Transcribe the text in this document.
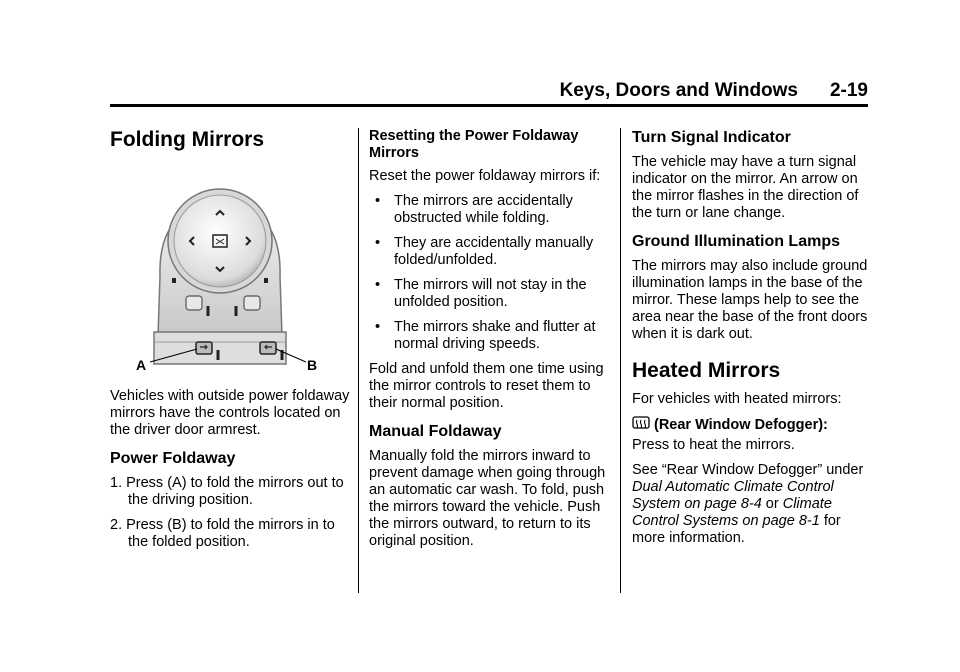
Keys, Doors and Windows 2-19
Folding Mirrors
A	B

Vehicles with outside power foldaway mirrors have the controls located on the driver door armrest.

Power Foldaway
1. Press (A) to fold the mirrors out to the driving position.
2. Press (B) to fold the mirrors in to the folded position.
Resetting the Power Foldaway Mirrors

Reset the power foldaway mirrors if:

• The mirrors are accidentally obstructed while folding.
• They are accidentally manually folded/unfolded.
• The mirrors will not stay in the unfolded position.
• The mirrors shake and flutter at normal driving speeds.

Fold and unfold them one time using the mirror controls to reset them to their normal position.

Manual Foldaway

Manually fold the mirrors inward to prevent damage when going through an automatic car wash. To fold, push the mirrors toward the vehicle. Push the mirrors outward, to return to its original position.

Turn Signal Indicator

The vehicle may have a turn signal indicator on the mirror. An arrow on the mirror flashes in the direction of the turn or lane change.

Ground Illumination Lamps

The mirrors may also include ground illumination lamps in the base of the mirror. These lamps help to see the area near the base of the front doors when it is dark out.

Heated Mirrors

For vehicles with heated mirrors:

(Rear Window Defogger):
Press to heat the mirrors.

See “Rear Window Defogger” under Dual Automatic Climate Control System on page 8-4 or Climate Control Systems on page 8-1 for more information.
